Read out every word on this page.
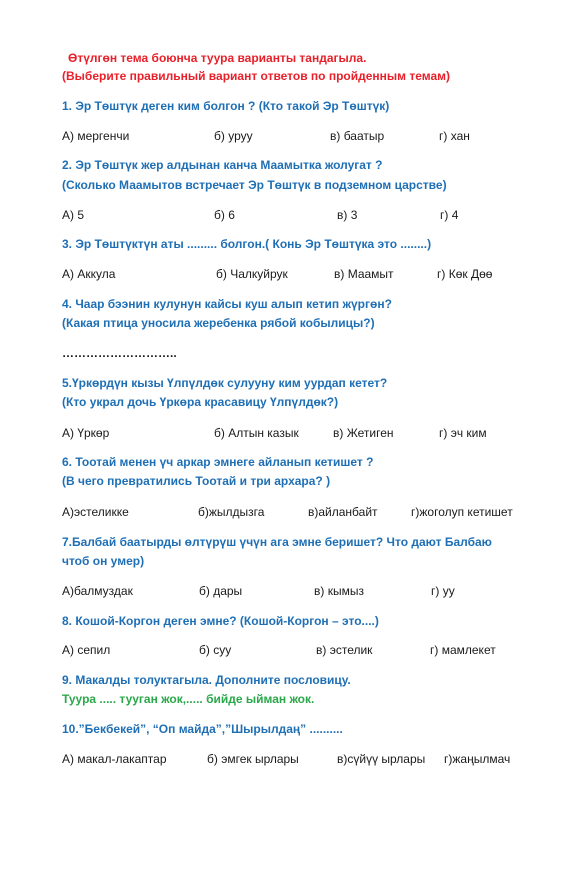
Өтүлгөн тема боюнча туура варианты тандагыла.
(Выберите правильный вариант ответов по пройденным темам)
1. Эр Төштүк деген ким болгон ? (Кто такой Эр Төштүк)
А) мергенчи	б) уруу	в) баатыр	г) хан
2. Эр Төштүк жер алдынан канча Маамытка жолугат ?
(Сколько Маамытов встречает Эр Төштүк в подземном царстве)
А) 5	б) 6	в) 3	г) 4
3. Эр Төштүктүн аты ......... болгон.( Конь Эр Төштүка это ........)
А) Аккула	б) Чалкуйрук	в) Маамыт	г) Көк Дөө
4. Чаар бээнин кулунун кайсы куш алып кетип жүргөн?
(Какая птица уносила жеребенка рябой кобылицы?)
………………………..
5.Үркөрдүн кызы Үлпүлдөк сулууну ким уурдап кетет?
(Кто украл дочь Үркөра красавицу Үлпүлдөк?)
А) Үркөр	б) Алтын казык	в) Жетиген	г) эч ким
6. Тоотай менен үч аркар эмнеге айланып кетишет ?
(В чего превратились Тоотай и три архара? )
А)эстеликке	б)жылдызга	в)айланбайт	г)жоголуп кетишет
7.Балбай баатырды өлтүрүш үчүн ага эмне беришет? Что дают Балбаю
чтоб он умер)
А)балмуздак	б) дары	в) кымыз	г) уу
8. Кошой-Коргон деген эмне? (Кошой-Коргон – это....)
А) сепил	б) суу	в) эстелик	г) мамлекет
9. Макалды толуктагыла. Дополните пословицу.
Туура ..... тууган жок,..... бийде ыйман жок.
10.”Бекбекей”, “Оп майда”,”Шырылдаң” ..........
А) макал-лакаптар	б) эмгек ырлары	в)сүйүү ырлары г)жаңылмач
